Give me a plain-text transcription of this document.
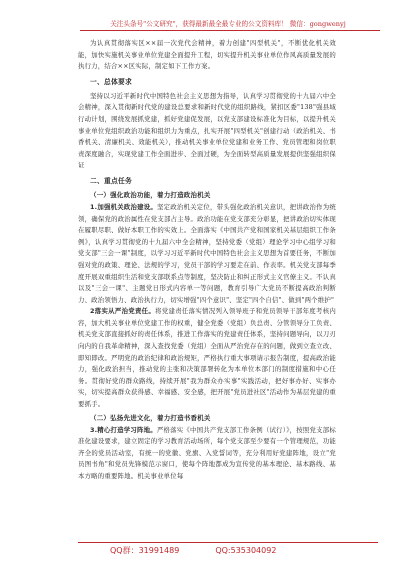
关注头条号"公文研究"，获得最新最全最专业的公文资料库！ 微信：gongwenyj

为认真贯彻落实区××届一次党代会精神，着力创建"四型机关"，不断优化机关效能，加快实施机关事业单位党建全面提升工程，切实提升机关事业单位作风高质量发展的执行力，结合××区实际，制定如下工作方案。

一、总体要求

坚持以习近平新时代中国特色社会主义思想为指导，认真学习贯彻党的十九届六中全会精神，深入贯彻新时代党的建设总要求和新时代党的组织路线，紧扣区委"138"强县域行动计划，围绕发展抓党建，抓好党建促发展，以党支部建设标准化为目标，以提升机关事业单位党组织政治功能和组织力为重点，扎实开展"四型机关"创建行动（政治机关、书香机关、清廉机关、效能机关），推动机关事业单位党建和业务工作、党员管理和岗位职责深度融合，实现党建工作全面进步、全面过硬，为全面转型高质量发展提供坚强组织保证

二、重点任务
（一）强化政治功能，着力打造政治机关

1.加强机关政治建设。坚定政治机关定位，带头强化政治机关意识，把讲政治作为统领，确保党的政治属性在党支部占主导。政治功能在党支部充分彰显，把讲政治切实体现在履职尽职、做好本职工作的实效上。全面落实《中国共产党和国家机关基层组织工作条例》，认真学习贯彻党的十九届六中全会精神，坚持党委（党组）理论学习中心组学习和党支部"三会一课"制度，以学习习近平新时代中国特色社会主义思想为首要任务，不断加强对党的政策、理论、法规的学习，党员干部的学习要走在前、作表率。机关党支部每季度开展双重组织生活和党支部联系点等制度，坚决防止和纠正形式主义官僚主义。不认真以及"三会一课"、主题党日形式内容单一等问题，教育引导广大党员不断提高政治判断力、政治领悟力、政治执行力，切实增强"四个意识"、坚定"四个自信"、做到"两个维护"

2落实从严治党责任。将党建责任落实情况列入领导班子和党员领导干部年度考核内容，加大机关事业单位党建工作的权重，健全党委（党组）负总责、分管领导分工负责、机关党支部直接抓好的责任体系，推进工作落实的党建责任体系，坚持问题导向，以刀刃向内的自我革命精神，深入查找党委（党组）全面从严治党存在的问题，做到立查立改、即知即改。严明党的政治纪律和政治规矩，严格执行重大事项请示报告制度，提高政治能力，强化政治担当，推动党的主张和决策部署转化为本单位本部门的制度措施和中心任务。贯彻好党的群众路线，持续开展"我为群众办实事"实践活动，把好事办好、实事办实，切实提高群众获得感、幸福感、安全感，把开展"党员进社区"活动作为基层党建的重要抓手。

（二）弘扬先进文化，着力打造书香机关

3.精心打造学习阵地。严格落实《中国共产党支部工作条例（试行）》，按照党支部标准化建设要求，建立固定的学习教育活动场所，每个党支部至少要有一个管理规范，功能齐全的党员活动室，有统一的党徽、党旗、入党誓词等，充分利用好党建阵地，设立"党员图书角"和党员先锋模范示窗口，使每个阵地都成为宣传党的基本理论、基本路线、基本方略的重要阵地。机关事业单位每

QQ群：31991489	QQ:535304092
